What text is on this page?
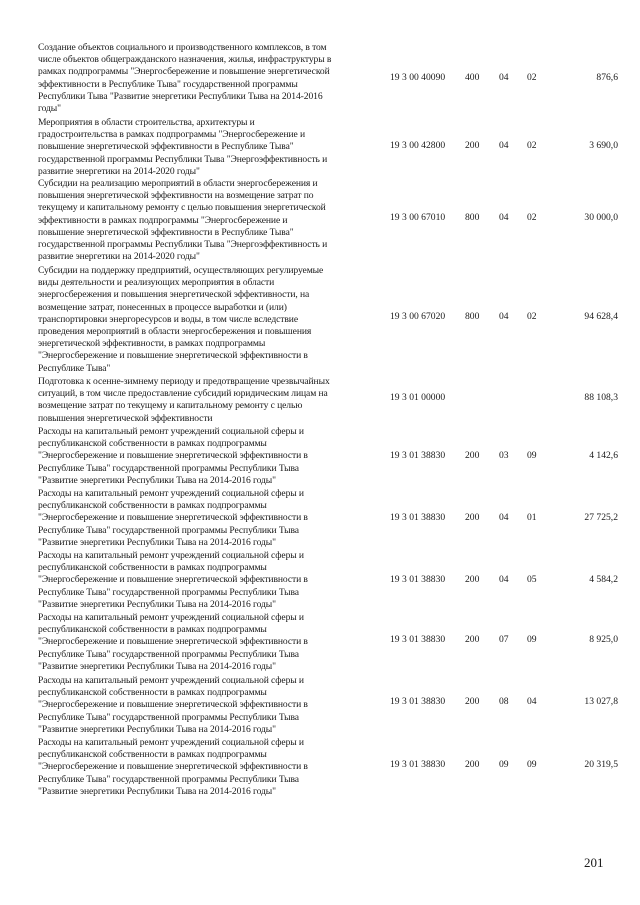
Создание объектов социального и производственного комплексов, в том
числе объектов общегражданского назначения, жилья, инфраструктуры в
рамках подпрограммы "Энергосбережение и повышение энергетической
эффективности в Республике Тыва" государственной программы
Республики Тыва "Развитие энергетики Республики Тыва на 2014-2016
годы"
19 3 00 40090 400 04 02	876,6
Мероприятия в области строительства, архитектуры и
градостроительства в рамках подпрограммы "Энергосбережение и
повышение энергетической эффективности в Республике Тыва"
государственной программы Республики Тыва "Энергоэффективность и
развитие энергетики на 2014-2020 годы"
19 3 00 42800 200 04 02	3 690,0
Субсидии на реализацию мероприятий в области энергосбережения и
повышения энергетической эффективности на возмещение затрат по
текущему и капитальному ремонту с целью повышения энергетической
эффективности в рамках подпрограммы "Энергосбережение и
повышение энергетической эффективности в Республике Тыва"
государственной программы Республики Тыва "Энергоэффективность и
развитие энергетики на 2014-2020 годы"
19 3 00 67010 800 04 02	30 000,0
Субсидии на поддержку предприятий, осуществляющих регулируемые
виды деятельности и реализующих мероприятия в области
энергосбережения и повышения энергетической эффективности, на
возмещение затрат, понесенных в процессе выработки и (или)
транспортировки энергоресурсов и воды, в том числе вследствие
проведения мероприятий в области энергосбережения и повышения
энергетической эффективности, в рамках подпрограммы
"Энергосбережение и повышение энергетической эффективности в
Республике Тыва"
19 3 00 67020 800 04 02	94 628,4
Подготовка к осенне-зимнему периоду и предотвращение чрезвычайных
ситуаций, в том числе предоставление субсидий юридическим лицам на
возмещение затрат по текущему и капитальному ремонту с целью
повышения энергетической эффективности
19 3 01 00000	88 108,3
Расходы на капитальный ремонт учреждений социальной сферы и
республиканской собственности в рамках подпрограммы
"Энергосбережение и повышение энергетической эффективности в
Республике Тыва" государственной программы Республики Тыва
"Развитие энергетики Республики Тыва на 2014-2016 годы"
19 3 01 38830 200 03 09	4 142,6
Расходы на капитальный ремонт учреждений социальной сферы и
республиканской собственности в рамках подпрограммы
"Энергосбережение и повышение энергетической эффективности в
Республике Тыва" государственной программы Республики Тыва
"Развитие энергетики Республики Тыва на 2014-2016 годы"
19 3 01 38830 200 04 01	27 725,2
Расходы на капитальный ремонт учреждений социальной сферы и
республиканской собственности в рамках подпрограммы
"Энергосбережение и повышение энергетической эффективности в
Республике Тыва" государственной программы Республики Тыва
"Развитие энергетики Республики Тыва на 2014-2016 годы"
19 3 01 38830 200 04 05	4 584,2
Расходы на капитальный ремонт учреждений социальной сферы и
республиканской собственности в рамках подпрограммы
"Энергосбережение и повышение энергетической эффективности в
Республике Тыва" государственной программы Республики Тыва
"Развитие энергетики Республики Тыва на 2014-2016 годы"
19 3 01 38830 200 07 09	8 925,0
Расходы на капитальный ремонт учреждений социальной сферы и
республиканской собственности в рамках подпрограммы
"Энергосбережение и повышение энергетической эффективности в
Республике Тыва" государственной программы Республики Тыва
"Развитие энергетики Республики Тыва на 2014-2016 годы"
19 3 01 38830 200 08 04	13 027,8
Расходы на капитальный ремонт учреждений социальной сферы и
республиканской собственности в рамках подпрограммы
"Энергосбережение и повышение энергетической эффективности в
Республике Тыва" государственной программы Республики Тыва
"Развитие энергетики Республики Тыва на 2014-2016 годы"
19 3 01 38830 200 09 09	20 319,5
201
